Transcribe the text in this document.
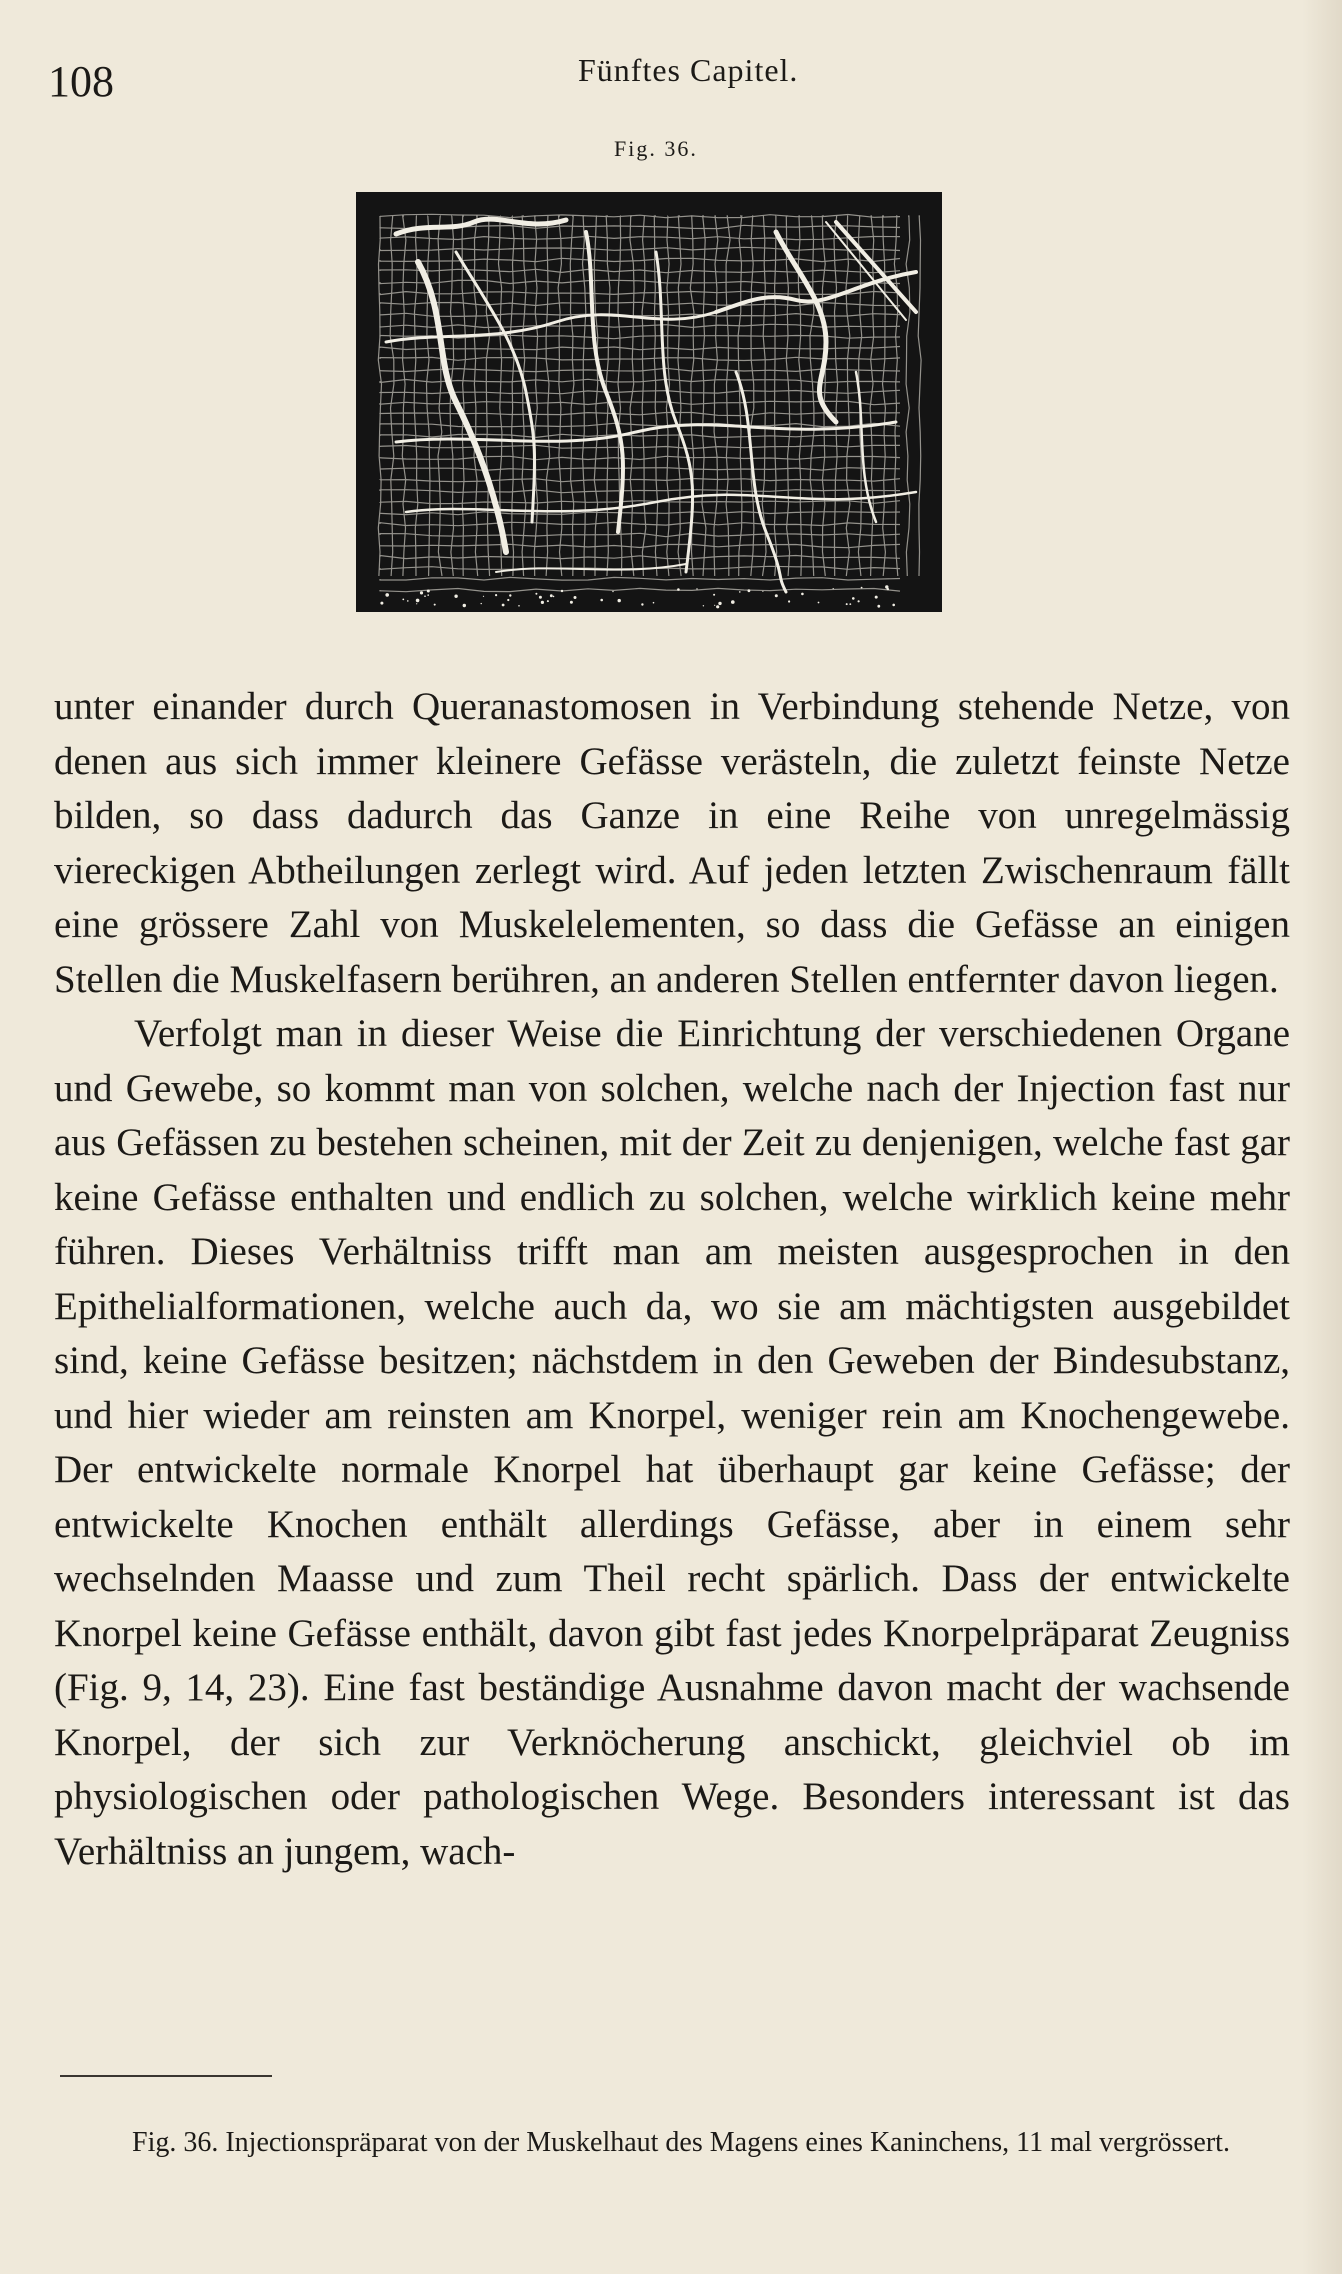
108	Fünftes Capitel.
Fig. 36.

unter einander durch Queranastomosen in Verbindung stehende Netze, von denen aus sich immer kleinere Gefässe verästeln, die zuletzt feinste Netze bilden, so dass dadurch das Ganze in eine Reihe von unregelmässig viereckigen Abtheilungen zerlegt wird. Auf jeden letzten Zwischenraum fällt eine grössere Zahl von Muskelelementen, so dass die Gefässe an einigen Stellen die Muskelfasern berühren, an anderen Stellen entfernter davon liegen.

Verfolgt man in dieser Weise die Einrichtung der verschiedenen Organe und Gewebe, so kommt man von solchen, welche nach der Injection fast nur aus Gefässen zu bestehen scheinen, mit der Zeit zu denjenigen, welche fast gar keine Gefässe enthalten und endlich zu solchen, welche wirklich keine mehr führen. Dieses Verhältniss trifft man am meisten ausgesprochen in den Epithelialformationen, welche auch da, wo sie am mächtigsten ausgebildet sind, keine Gefässe besitzen; nächstdem in den Geweben der Bindesubstanz, und hier wieder am reinsten am Knorpel, weniger rein am Knochengewebe. Der entwickelte normale Knorpel hat überhaupt gar keine Gefässe; der entwickelte Knochen enthält allerdings Gefässe, aber in einem sehr wechselnden Maasse und zum Theil recht spärlich. Dass der entwickelte Knorpel keine Gefässe enthält, davon gibt fast jedes Knorpelpräparat Zeugniss (Fig. 9, 14, 23). Eine fast beständige Ausnahme davon macht der wachsende Knorpel, der sich zur Verknöcherung anschickt, gleichviel ob im physiologischen oder pathologischen Wege. Besonders interessant ist das Verhältniss an jungem, wach-

Fig. 36. Injectionspräparat von der Muskelhaut des Magens eines Kaninchens, 11 mal vergrössert.
